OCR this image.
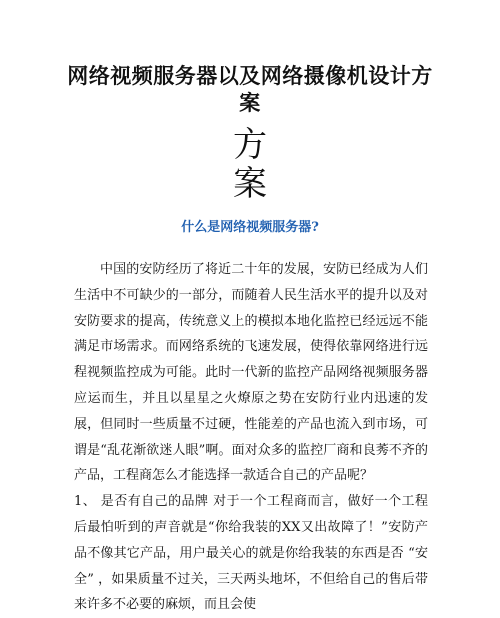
网络视频服务器以及网络摄像机设计方案
方
案
什么是网络视频服务器?

中国的安防经历了将近二十年的发展，安防已经成为人们生活中不可缺少的一部分，而随着人民生活水平的提升以及对安防要求的提高，传统意义上的模拟本地化监控已经远远不能满足市场需求。而网络系统的飞速发展，使得依靠网络进行远程视频监控成为可能。此时一代新的监控产品网络视频服务器应运而生，并且以星星之火燎原之势在安防行业内迅速的发展，但同时一些质量不过硬，性能差的产品也流入到市场，可谓是“乱花渐欲迷人眼”啊。面对众多的监控厂商和良莠不齐的产品，工程商怎么才能选择一款适合自己的产品呢？

1、 是否有自己的品牌 对于一个工程商而言，做好一个工程后最怕听到的声音就是“你给我装的XX又出故障了！”安防产品不像其它产品，用户最关心的就是你给我装的东西是否 “安全” ，如果质量不过关，三天两头地坏，不但给自己的售后带来许多不必要的麻烦，而且会使
